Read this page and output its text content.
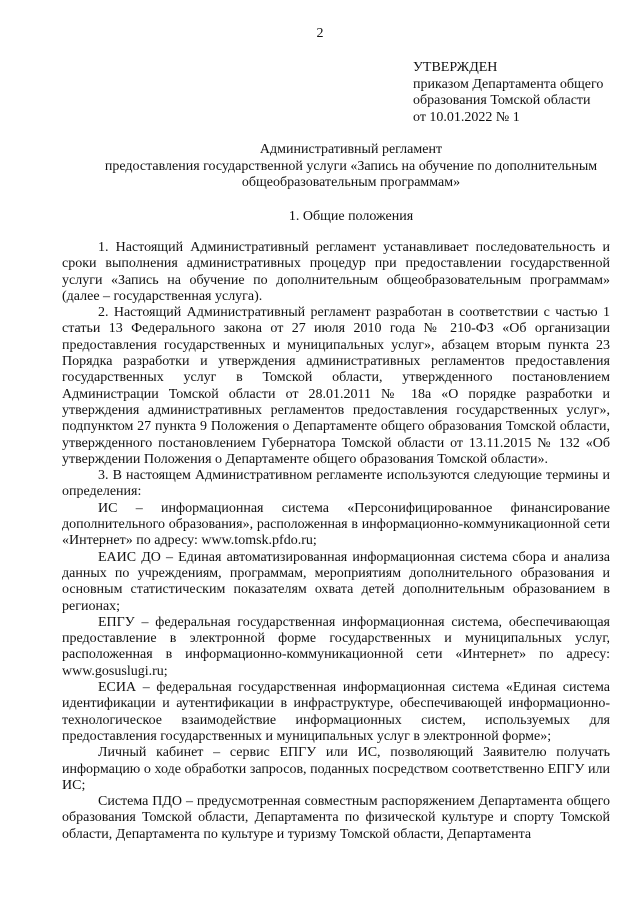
2
УТВЕРЖДЕН
приказом Департамента общего
образования Томской области
от 10.01.2022 № 1
Административный регламент
предоставления государственной услуги «Запись на обучение по дополнительным
общеобразовательным программам»
1. Общие положения

1. Настоящий Административный регламент устанавливает последовательность и сроки выполнения административных процедур при предоставлении государственной услуги «Запись на обучение по дополнительным общеобразовательным программам» (далее – государственная услуга).

2. Настоящий Административный регламент разработан в соответствии с частью 1 статьи 13 Федерального закона от 27 июля 2010 года № 210-ФЗ «Об организации предоставления государственных и муниципальных услуг», абзацем вторым пункта 23 Порядка разработки и утверждения административных регламентов предоставления государственных услуг в Томской области, утвержденного постановлением Администрации Томской области от 28.01.2011 № 18а «О порядке разработки и утверждения административных регламентов предоставления государственных услуг», подпунктом 27 пункта 9 Положения о Департаменте общего образования Томской области, утвержденного постановлением Губернатора Томской области от 13.11.2015 № 132 «Об утверждении Положения о Департаменте общего образования Томской области».

3. В настоящем Административном регламенте используются следующие термины и определения:

ИС – информационная система «Персонифицированное финансирование дополнительного образования», расположенная в информационно-коммуникационной сети «Интернет» по адресу: www.tomsk.pfdo.ru;

ЕАИС ДО – Единая автоматизированная информационная система сбора и анализа данных по учреждениям, программам, мероприятиям дополнительного образования и основным статистическим показателям охвата детей дополнительным образованием в регионах;

ЕПГУ – федеральная государственная информационная система, обеспечивающая предоставление в электронной форме государственных и муниципальных услуг, расположенная в информационно-коммуникационной сети «Интернет» по адресу: www.gosuslugi.ru;

ЕСИА – федеральная государственная информационная система «Единая система идентификации и аутентификации в инфраструктуре, обеспечивающей информационно-технологическое взаимодействие информационных систем, используемых для предоставления государственных и муниципальных услуг в электронной форме»;

Личный кабинет – сервис ЕПГУ или ИС, позволяющий Заявителю получать информацию о ходе обработки запросов, поданных посредством соответственно ЕПГУ или ИС;

Система ПДО – предусмотренная совместным распоряжением Департамента общего образования Томской области, Департамента по физической культуре и спорту Томской области, Департамента по культуре и туризму Томской области, Департамента
